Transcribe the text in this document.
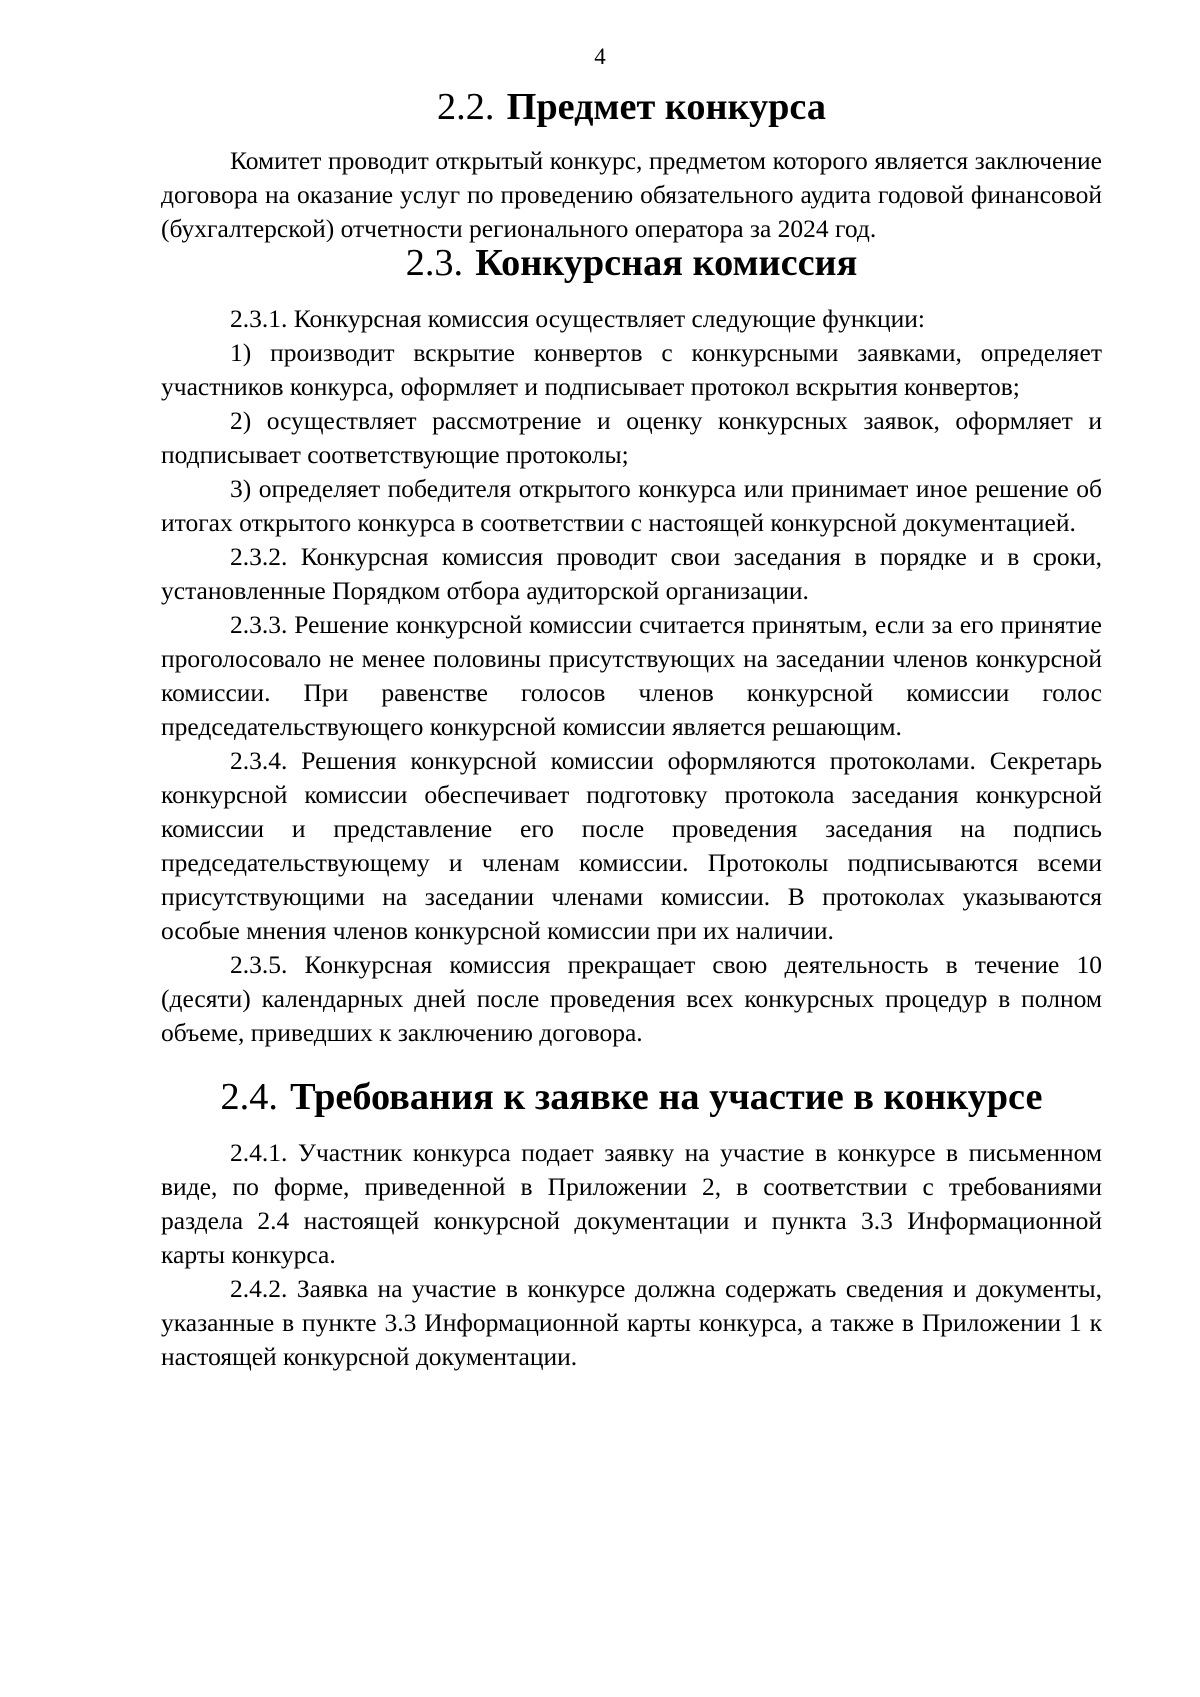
4
2.2. Предмет конкурса

Комитет проводит открытый конкурс, предметом которого является заключение договора на оказание услуг по проведению обязательного аудита годовой финансовой (бухгалтерской) отчетности регионального оператора за 2024 год.

2.3. Конкурсная комиссия

2.3.1. Конкурсная комиссия осуществляет следующие функции:

1) производит вскрытие конвертов с конкурсными заявками, определяет участников конкурса, оформляет и подписывает протокол вскрытия конвертов;

2) осуществляет рассмотрение и оценку конкурсных заявок, оформляет и подписывает соответствующие протоколы;

3) определяет победителя открытого конкурса или принимает иное решение об итогах открытого конкурса в соответствии с настоящей конкурсной документацией.

2.3.2. Конкурсная комиссия проводит свои заседания в порядке и в сроки, установленные Порядком отбора аудиторской организации.

2.3.3. Решение конкурсной комиссии считается принятым, если за его принятие проголосовало не менее половины присутствующих на заседании членов конкурсной комиссии. При равенстве голосов членов конкурсной комиссии голос председательствующего конкурсной комиссии является решающим.

2.3.4. Решения конкурсной комиссии оформляются протоколами. Секретарь конкурсной комиссии обеспечивает подготовку протокола заседания конкурсной комиссии и представление его после проведения заседания на подпись председательствующему и членам комиссии. Протоколы подписываются всеми присутствующими на заседании членами комиссии. В протоколах указываются особые мнения членов конкурсной комиссии при их наличии.

2.3.5. Конкурсная комиссия прекращает свою деятельность в течение 10 (десяти) календарных дней после проведения всех конкурсных процедур в полном объеме, приведших к заключению договора.

2.4. Требования к заявке на участие в конкурсе

2.4.1. Участник конкурса подает заявку на участие в конкурсе в письменном виде, по форме, приведенной в Приложении 2, в соответствии с требованиями раздела 2.4 настоящей конкурсной документации и пункта 3.3 Информационной карты конкурса.

2.4.2. Заявка на участие в конкурсе должна содержать сведения и документы, указанные в пункте 3.3 Информационной карты конкурса, а также в Приложении 1 к настоящей конкурсной документации.
